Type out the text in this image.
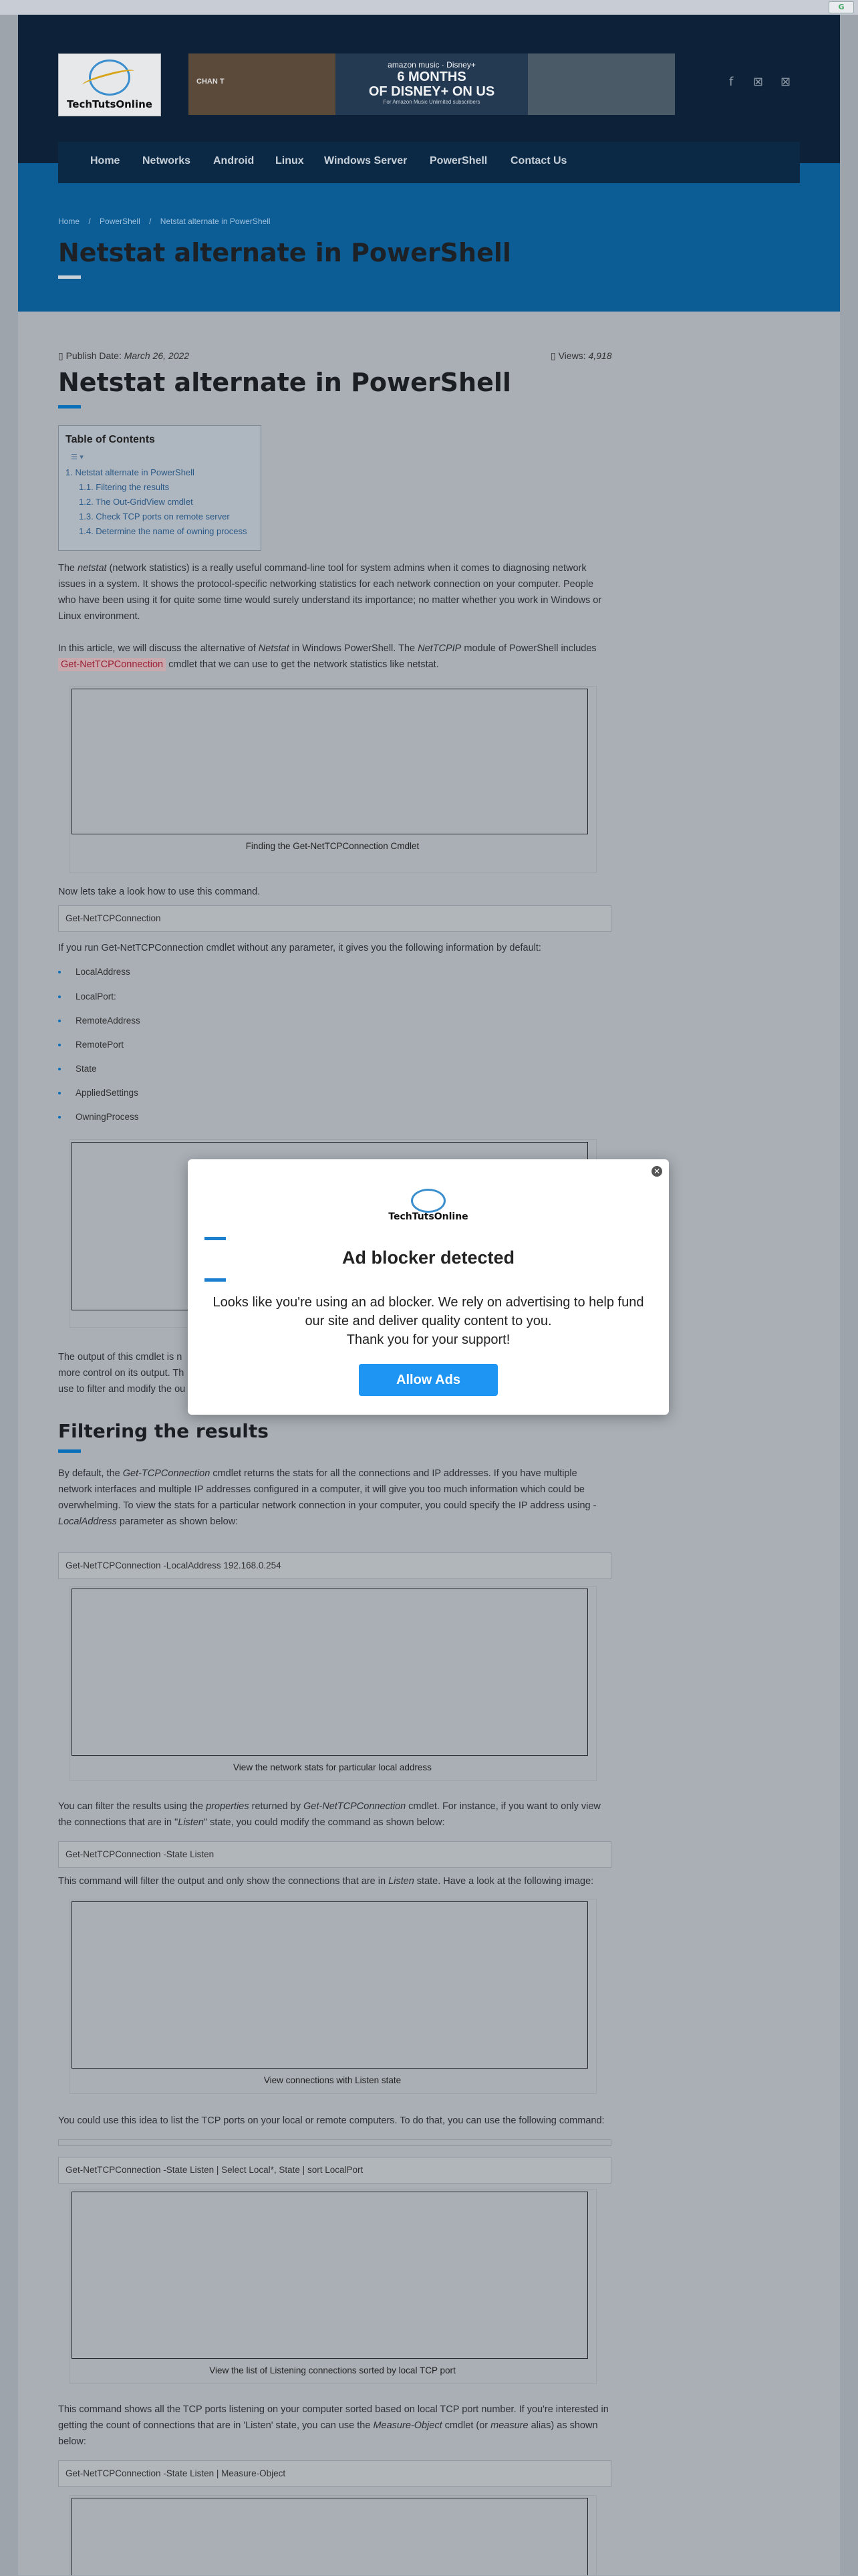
G
TechTutsOnline
CHAN T
amazon music · Disney+
6 MONTHS
OF DISNEY+ ON US
For Amazon Music Unlimited subscribers
f ⊠ ⊠
Home / PowerShell / Netstat alternate in PowerShell
Netstat alternate in PowerShell
Home Networks Android Linux Windows Server PowerShell Contact Us
▯ Publish Date: March 26, 2022	▯ Views: 4,918
Netstat alternate in PowerShell
Table of Contents
☰ ▾
1. Netstat alternate in PowerShell
1.1. Filtering the results
1.2. The Out-GridView cmdlet
1.3. Check TCP ports on remote server
1.4. Determine the name of owning process
The netstat (network statistics) is a really useful command-line tool for system admins when it comes to diagnosing network issues in a system. It shows the protocol-specific networking statistics for each network connection on your computer. People who have been using it for quite some time would surely understand its importance; no matter whether you work in Windows or Linux environment.
In this article, we will discuss the alternative of Netstat in Windows PowerShell. The NetTCPIP module of PowerShell includes Get-NetTCPConnection cmdlet that we can use to get the network statistics like netstat.
Finding the Get-NetTCPConnection Cmdlet
Now lets take a look how to use this command.
Get-NetTCPConnection
If you run Get-NetTCPConnection cmdlet without any parameter, it gives you the following information by default:
LocalAddress
LocalPort:
RemoteAddress
RemotePort
State
AppliedSettings
OwningProcess
The output of this cmdlet is n
more control on its output. Th
use to filter and modify the ou
Filtering the results
By default, the Get-TCPConnection cmdlet returns the stats for all the connections and IP addresses. If you have multiple network interfaces and multiple IP addresses configured in a computer, it will give you too much information which could be overwhelming. To view the stats for a particular network connection in your computer, you could specify the IP address using -LocalAddress parameter as shown below:
Get-NetTCPConnection -LocalAddress 192.168.0.254
View the network stats for particular local address
You can filter the results using the properties returned by Get-NetTCPConnection cmdlet. For instance, if you want to only view the connections that are in "Listen" state, you could modify the command as shown below:
Get-NetTCPConnection -State Listen
This command will filter the output and only show the connections that are in Listen state. Have a look at the following image:
View connections with Listen state
You could use this idea to list the TCP ports on your local or remote computers. To do that, you can use the following command:
Get-NetTCPConnection -State Listen | Select Local*, State | sort LocalPort
View the list of Listening connections sorted by local TCP port
This command shows all the TCP ports listening on your computer sorted based on local TCP port number. If you're interested in getting the count of connections that are in 'Listen' state, you can use the Measure-Object cmdlet (or measure alias) as shown below:
Get-NetTCPConnection -State Listen | Measure-Object
✕
TechTutsOnline
Ad blocker detected
Looks like you're using an ad blocker. We rely on advertising to help fund
our site and deliver quality content to you.
Thank you for your support!
Allow Ads
